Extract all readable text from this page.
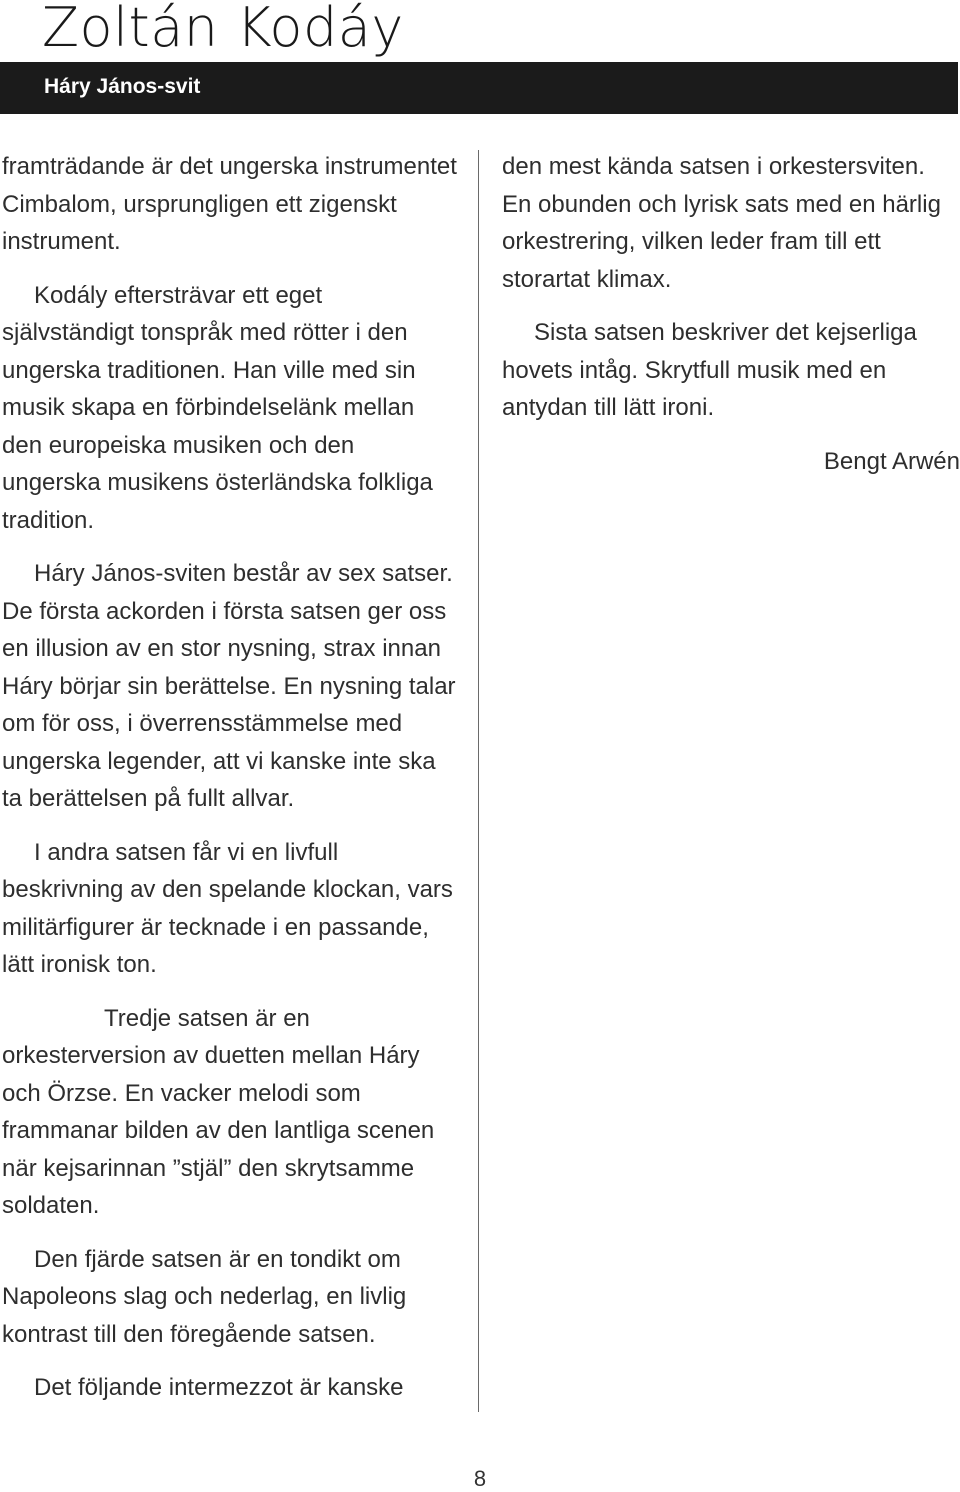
Zoltán Kodáy
Háry János-svit

framträdande är det ungerska instrumentet Cimbalom, ursprungligen ett zigenskt instrument.

Kodály eftersträvar ett eget självständigt tonspråk med rötter i den ungerska traditionen. Han ville med sin musik skapa en förbindelselänk mellan den europeiska musiken och den ungerska musikens österländska folkliga tradition.

Háry János-sviten består av sex satser. De första ackorden i första satsen ger oss en illusion av en stor nysning, strax innan Háry börjar sin berättelse. En nysning talar om för oss, i överrensstämmelse med ungerska legender, att vi kanske inte ska ta berättelsen på fullt allvar.

I andra satsen får vi en livfull beskrivning av den spelande klockan, vars militärfigurer är tecknade i en passande, lätt ironisk ton.

Tredje satsen är en orkesterversion av duetten mellan Háry och Örzse. En vacker melodi som frammanar bilden av den lantliga scenen när kejsarinnan ”stjäl” den skrytsamme soldaten.

Den fjärde satsen är en tondikt om Napoleons slag och nederlag, en livlig kontrast till den föregående satsen.

Det följande intermezzot är kanske

den mest kända satsen i orkestersviten. En obunden och lyrisk sats med en härlig orkestrering, vilken leder fram till ett storartat klimax.

Sista satsen beskriver det kejserliga hovets intåg. Skrytfull musik med en antydan till lätt ironi.

Bengt Arwén

8
